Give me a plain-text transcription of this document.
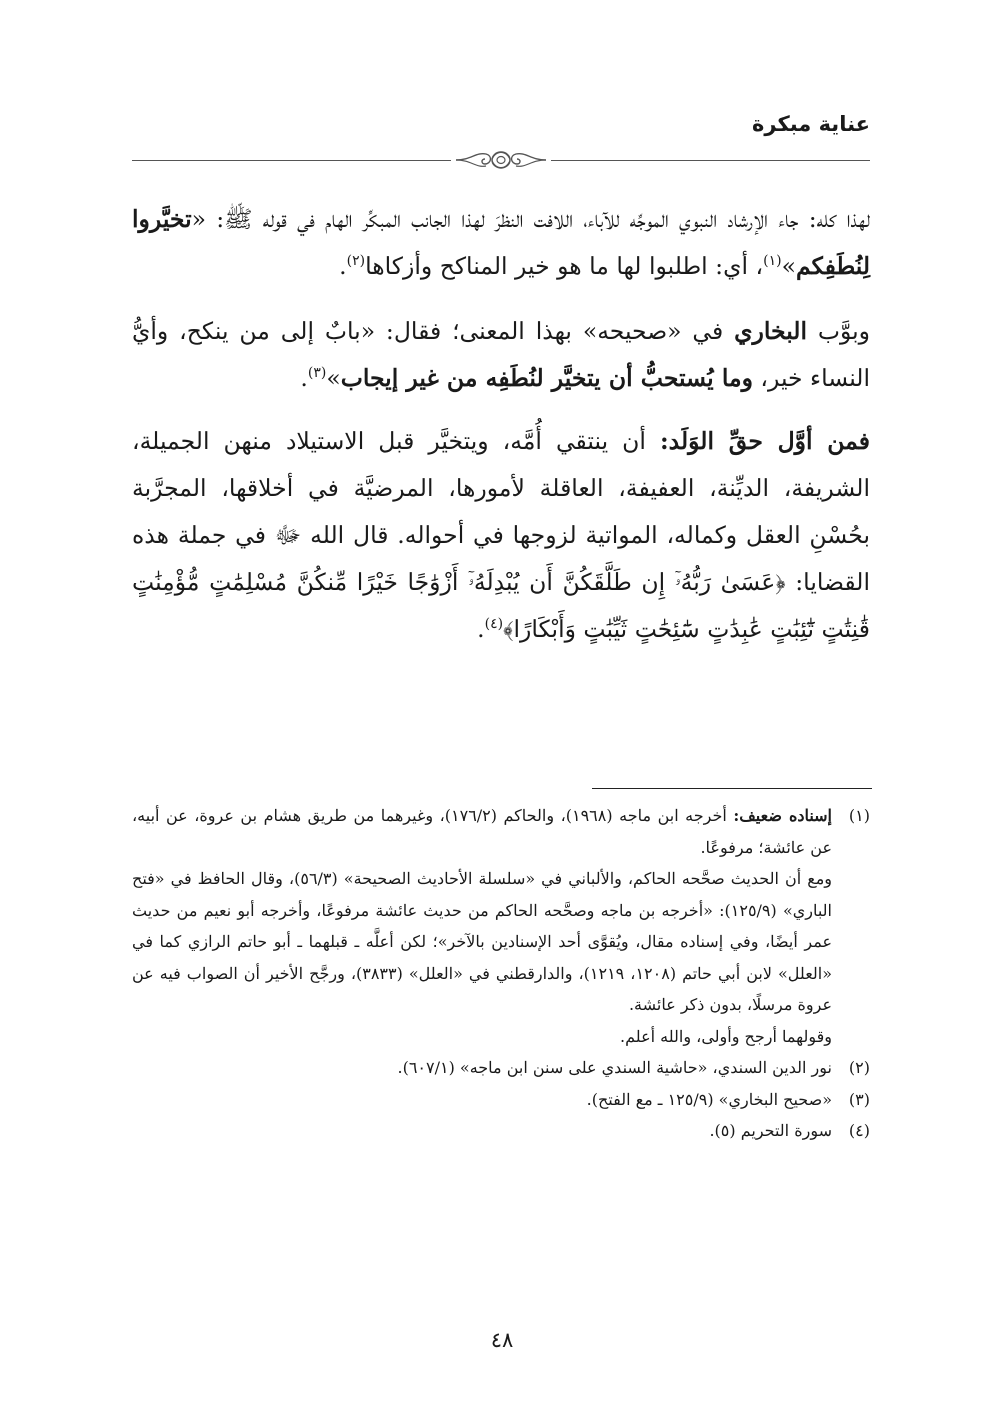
عناية مبكرة

لهذا كله: جاء الإرشاد النبوي الموجِّه للآباء، اللافت النظرَ لهذا الجانب المبكِّر الهام في قوله ﷺ: «تخيَّروا لِنُطَفِكم»$^{(١)}$، أي: اطلبوا لها ما هو خير المناكح وأزكاها$^{(٢)}$.

وبوَّب البخاري في «صحيحه» بهذا المعنى؛ فقال: «بابٌ إلى من ينكح، وأيُّ النساء خير، وما يُستحبُّ أن يتخيَّر لنُطَفِه من غير إيجاب»$^{(٣)}$.

فمن أوَّل حقِّ الوَلَد: أن ينتقي أُمَّه، ويتخيَّر قبل الاستيلاد منهن الجميلة، الشريفة، الديِّنة، العفيفة، العاقلة لأمورها، المرضيَّة في أخلاقها، المجرَّبة بحُسْنِ العقل وكماله، المواتية لزوجها في أحواله. قال الله ﷻ في جملة هذه القضايا: ﴿عَسَىٰ رَبُّهُۥٓ إِن طَلَّقَكُنَّ أَن يُبْدِلَهُۥٓ أَزْوَٰجًا خَيْرًا مِّنكُنَّ مُسْلِمَٰتٍ مُّؤْمِنَٰتٍ قَٰنِتَٰتٍ تَٰٓئِبَٰتٍ عَٰبِدَٰتٍ سَٰٓئِحَٰتٍ ثَيِّبَٰتٍ وَأَبْكَارًا﴾$^{(٤)}$.

(١)

إسناده ضعيف: أخرجه ابن ماجه (١٩٦٨)، والحاكم (١٧٦/٢)، وغيرهما من طريق هشام بن عروة، عن أبيه، عن عائشة؛ مرفوعًا.

ومع أن الحديث صحَّحه الحاكم، والألباني في «سلسلة الأحاديث الصحيحة» (٥٦/٣)، وقال الحافظ في «فتح الباري» (١٢٥/٩): «أخرجه بن ماجه وصحَّحه الحاكم من حديث عائشة مرفوعًا، وأخرجه أبو نعيم من حديث عمر أيضًا، وفي إسناده مقال، ويُقوَّى أحد الإسنادين بالآخر»؛ لكن أعلَّه ـ قبلهما ـ أبو حاتم الرازي كما في «العلل» لابن أبي حاتم (١٢٠٨، ١٢١٩)، والدارقطني في «العلل» (٣٨٣٣)، ورجَّح الأخير أن الصواب فيه عن عروة مرسلًا، بدون ذكر عائشة.

وقولهما أرجح وأولى، والله أعلم.

(٢)
نور الدين السندي، «حاشية السندي على سنن ابن ماجه» (٦٠٧/١).
(٣)
«صحيح البخاري» (١٢٥/٩ ـ مع الفتح).
(٤)
سورة التحريم (٥).
٤٨
